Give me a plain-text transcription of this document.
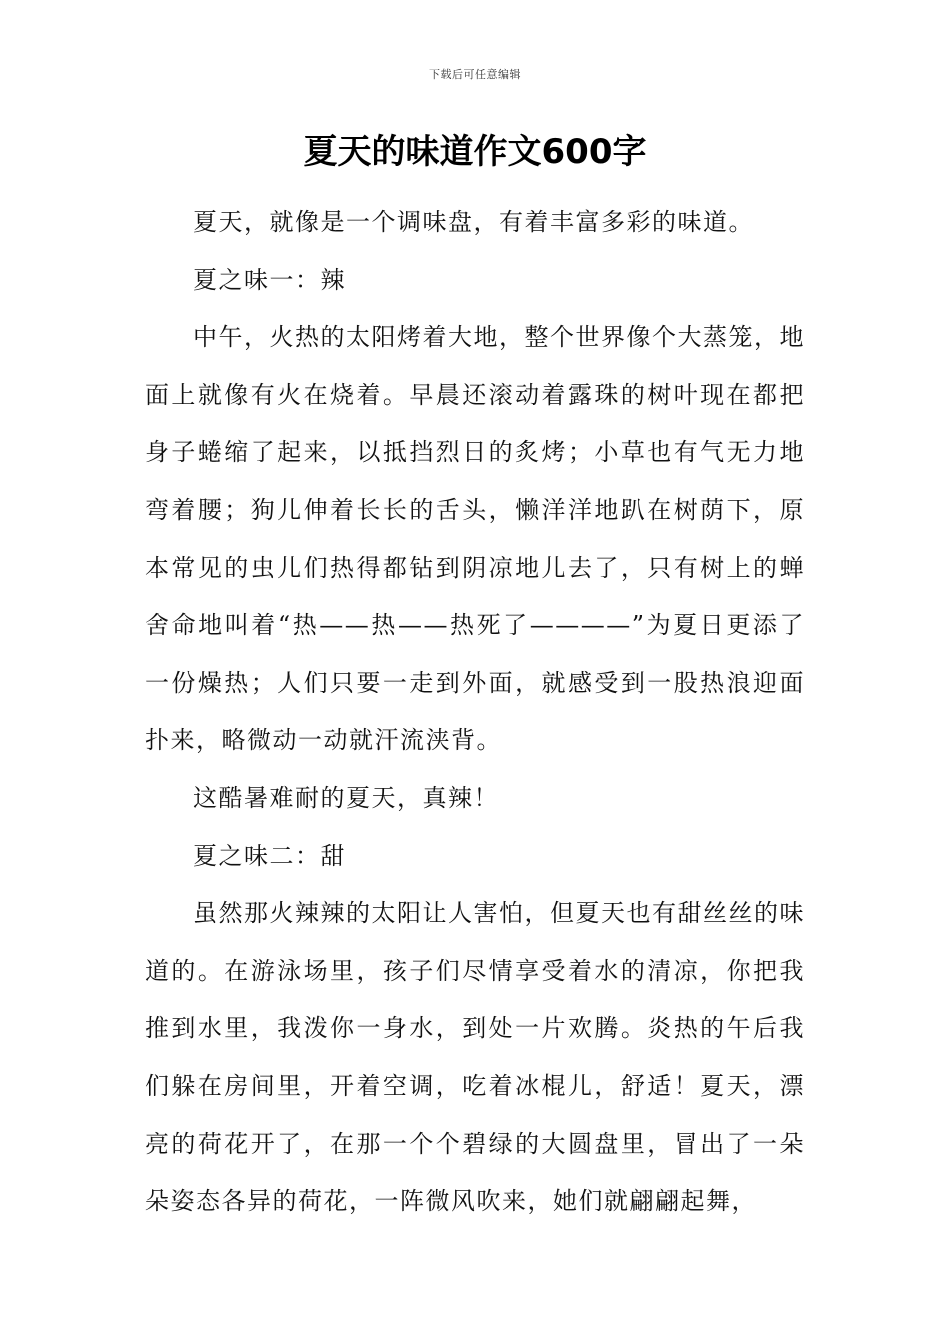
下载后可任意编辑
夏天的味道作文600字

夏天，就像是一个调味盘，有着丰富多彩的味道。

夏之味一：辣

中午，火热的太阳烤着大地，整个世界像个大蒸笼，地面上就像有火在烧着。早晨还滚动着露珠的树叶现在都把身子蜷缩了起来，以抵挡烈日的炙烤；小草也有气无力地弯着腰；狗儿伸着长长的舌头，懒洋洋地趴在树荫下，原本常见的虫儿们热得都钻到阴凉地儿去了，只有树上的蝉舍命地叫着“热——热——热死了————”为夏日更添了一份燥热；人们只要一走到外面，就感受到一股热浪迎面扑来，略微动一动就汗流浃背。

这酷暑难耐的夏天，真辣！

夏之味二：甜

虽然那火辣辣的太阳让人害怕，但夏天也有甜丝丝的味道的。在游泳场里，孩子们尽情享受着水的清凉，你把我推到水里，我泼你一身水，到处一片欢腾。炎热的午后我们躲在房间里，开着空调，吃着冰棍儿，舒适！夏天，漂亮的荷花开了，在那一个个碧绿的大圆盘里，冒出了一朵朵姿态各异的荷花，一阵微风吹来，她们就翩翩起舞，
